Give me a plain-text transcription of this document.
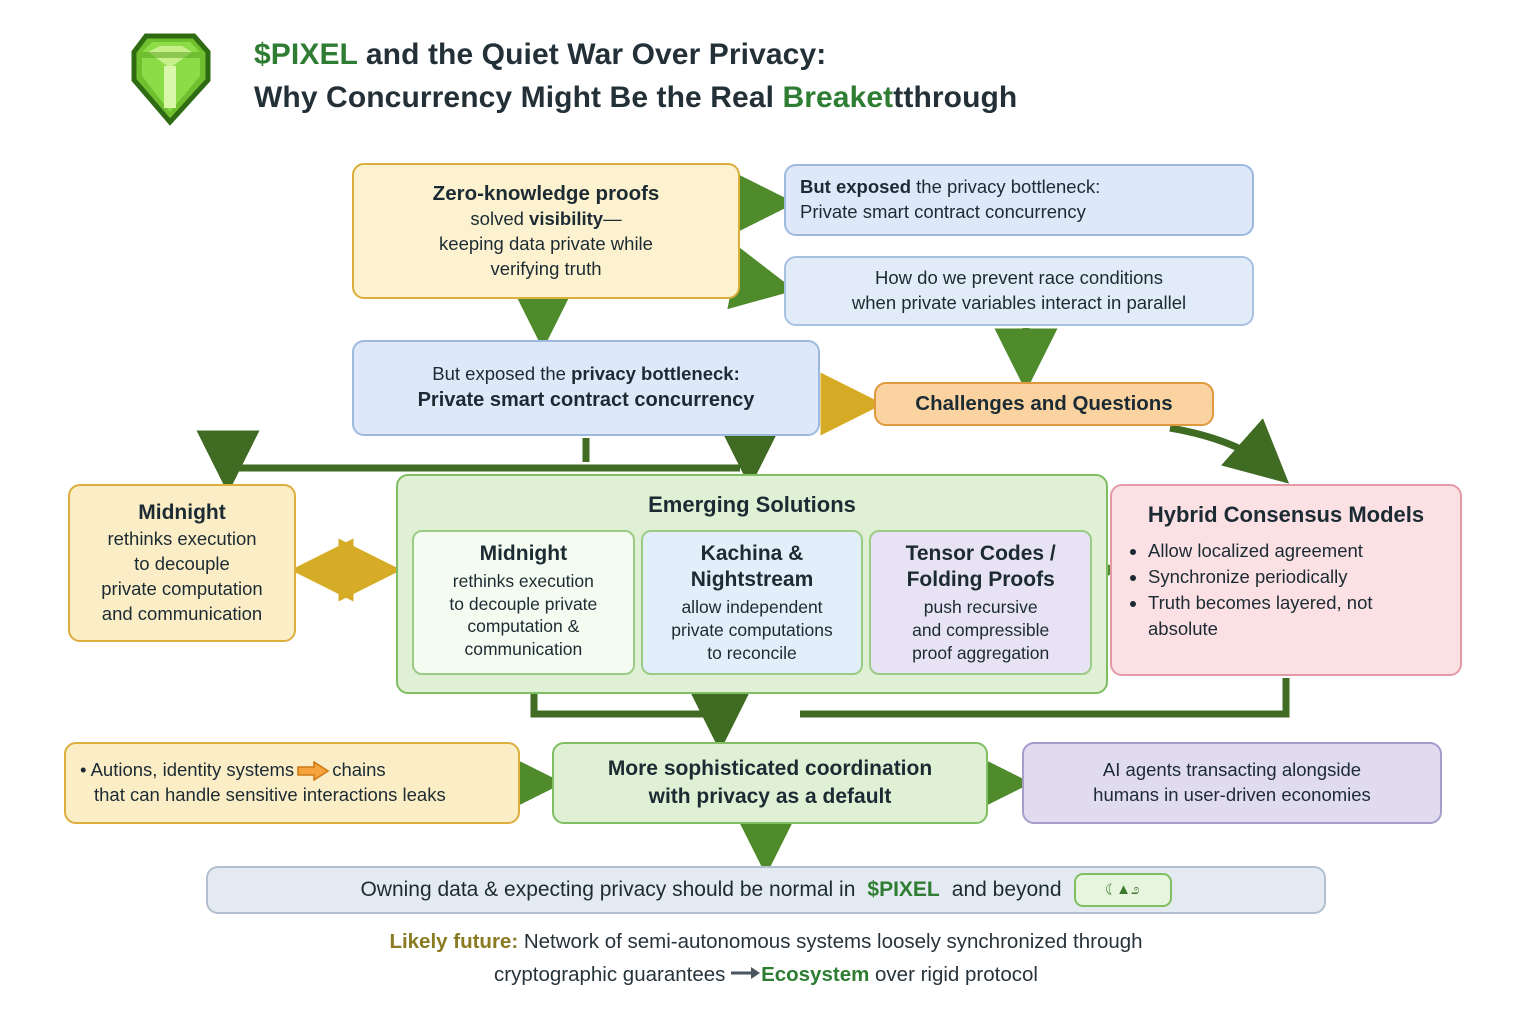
$PIXEL and the Quiet War Over Privacy:
Why Concurrency Might Be the Real Breakettthrough
Zero-knowledge proofs
solved visibility—
keeping data private while
verifying truth
But exposed the privacy bottleneck:
Private smart contract concurrency
How do we prevent race conditions
when private variables interact in parallel
But exposed the privacy bottleneck:
Private smart contract concurrency	Challenges and Questions
Midnight
rethinks execution
to decouple
private computation
and communication
Emerging Solutions
Midnight
rethinks execution
to decouple private
computation &
communication
Kachina &
Nightstream
allow independent
private computations
to reconcile
Tensor Codes /
Folding Proofs
push recursive
and compressible
proof aggregation
Hybrid Consensus Models
• Allow localized agreement
• Synchronize periodically
• Truth becomes layered, not absolute
• Autions, identity systems chains
that can handle sensitive interactions leaks
More sophisticated coordination
with privacy as a default
AI agents transacting alongside
humans in user-driven economies
Owning data & expecting privacy should be normal in $PIXEL and beyond	☾▲೨
Likely future: Network of semi-autonomous systems loosely synchronized through
cryptographic guarantees Ecosystem over rigid protocol
